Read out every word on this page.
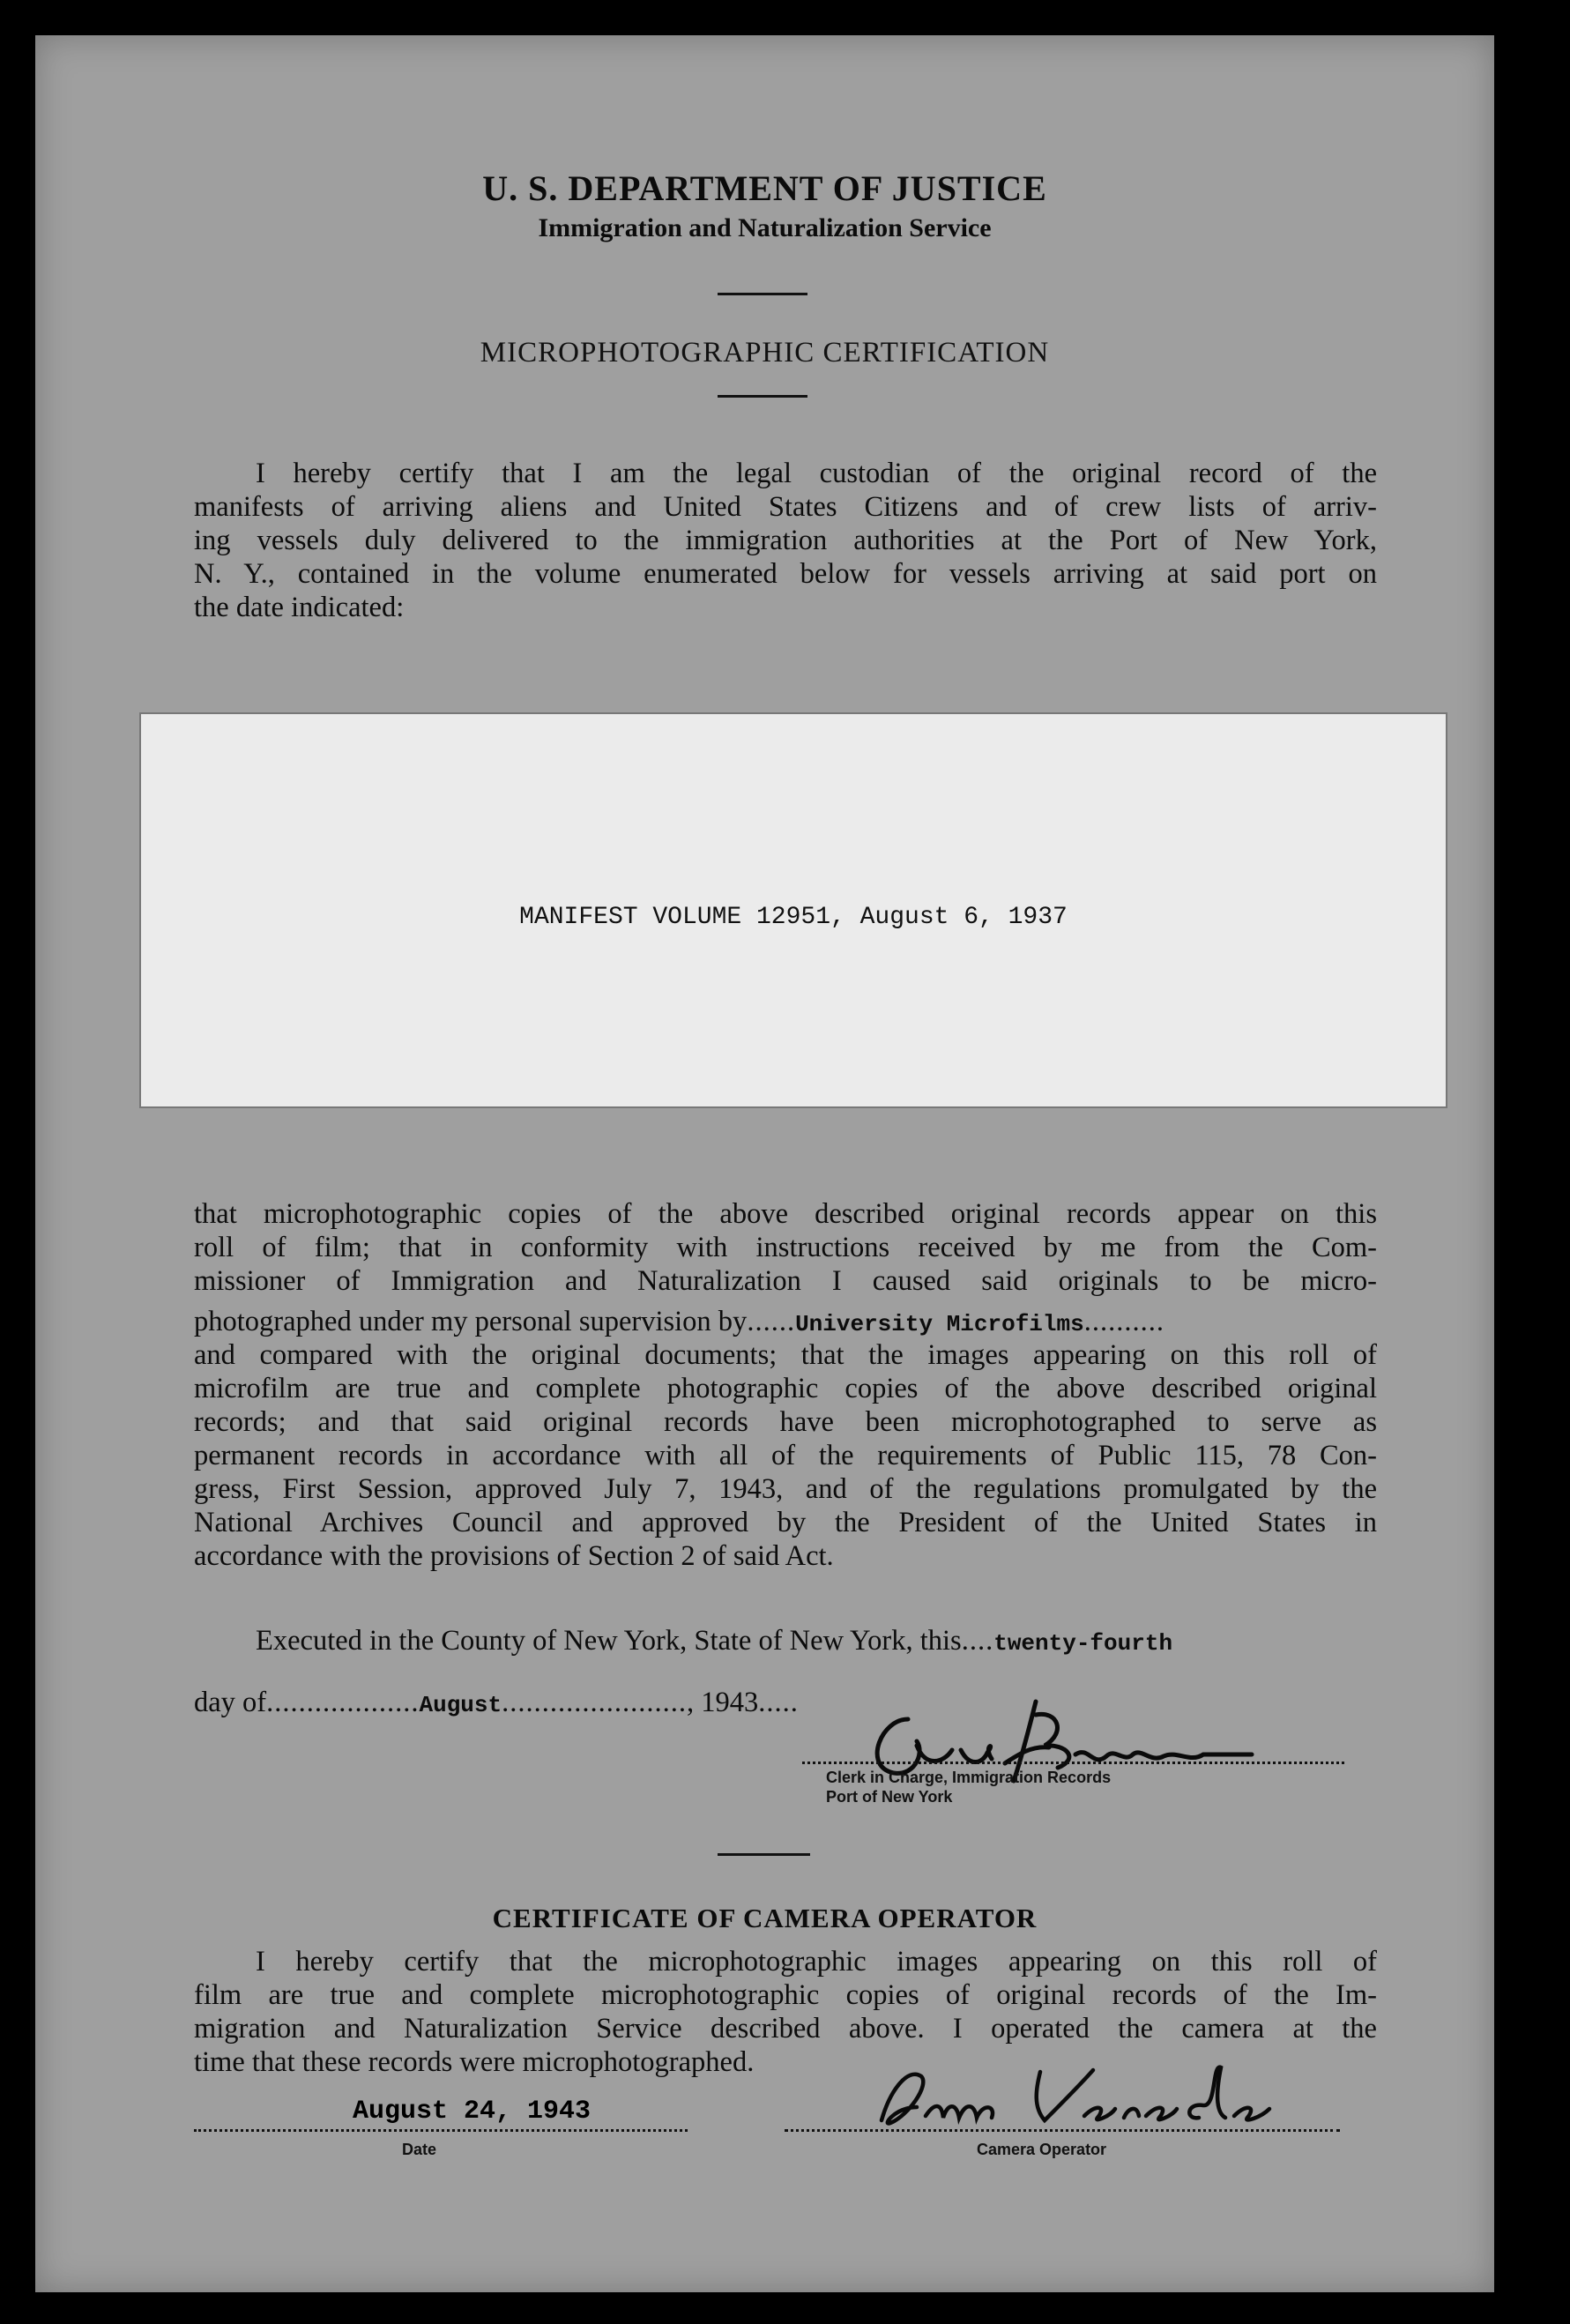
U. S. DEPARTMENT OF JUSTICE
Immigration and Naturalization Service
MICROPHOTOGRAPHIC CERTIFICATION
I hereby certify that I am the legal custodian of the original record of the
manifests of arriving aliens and United States Citizens and of crew lists of arriv-
ing vessels duly delivered to the immigration authorities at the Port of New York,
N. Y., contained in the volume enumerated below for vessels arriving at said port on
the date indicated:
MANIFEST VOLUME 12951, August 6, 1937
that microphotographic copies of the above described original records appear on this
roll of film; that in conformity with instructions received by me from the Com-
missioner of Immigration and Naturalization I caused said originals to be micro-
photographed under my personal supervision by ...... University Microfilms ..........
and compared with the original documents; that the images appearing on this roll of
microfilm are true and complete photographic copies of the above described original
records; and that said original records have been microphotographed to serve as
permanent records in accordance with all of the requirements of Public 115, 78 Con-
gress, First Session, approved July 7, 1943, and of the regulations promulgated by the
National Archives Council and approved by the President of the United States in
accordance with the provisions of Section 2 of said Act.
Executed in the County of New York, State of New York, this....twenty-fourth
day of...................August......................., 1943.....
Clerk in Charge, Immigration Records
Port of New York
CERTIFICATE OF CAMERA OPERATOR
I hereby certify that the microphotographic images appearing on this roll of
film are true and complete microphotographic copies of original records of the Im-
migration and Naturalization Service described above. I operated the camera at the
time that these records were microphotographed.
August 24, 1943
Date	Camera Operator
